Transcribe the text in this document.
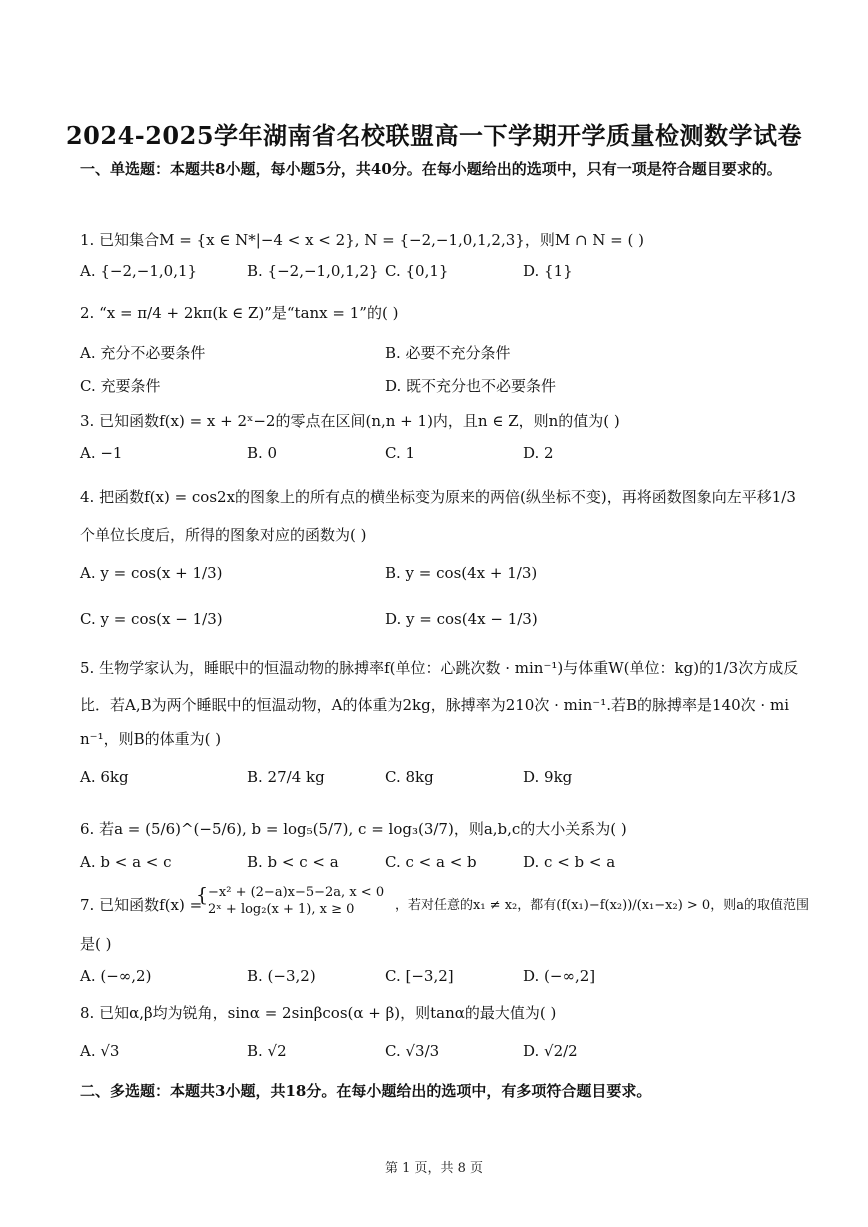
2024-2025学年湖南省名校联盟高一下学期开学质量检测数学试卷
一、单选题：本题共8小题，每小题5分，共40分。在每小题给出的选项中，只有一项是符合题目要求的。
1. 已知集合M = {x ∈ N*|−4 < x < 2}, N = {−2,−1,0,1,2,3}，则M ∩ N = ( )
A. {−2,−1,0,1}	B. {−2,−1,0,1,2} C. {0,1}	D. {1}
2. “x = π/4 + 2kπ(k ∈ Z)”是“tanx = 1”的( )
A. 充分不必要条件	B. 必要不充分条件
C. 充要条件	D. 既不充分也不必要条件
3. 已知函数f(x) = x + 2ˣ−2的零点在区间(n,n + 1)内，且n ∈ Z，则n的值为( )
A. −1	B. 0	C. 1	D. 2
4. 把函数f(x) = cos2x的图象上的所有点的横坐标变为原来的两倍(纵坐标不变)，再将函数图象向左平移1/3
个单位长度后，所得的图象对应的函数为( )
A. y = cos(x + 1/3)	B. y = cos(4x + 1/3)
C. y = cos(x − 1/3)	D. y = cos(4x − 1/3)
5. 生物学家认为，睡眠中的恒温动物的脉搏率f(单位：心跳次数 · min⁻¹)与体重W(单位：kg)的1/3次方成反
比．若A,B为两个睡眠中的恒温动物，A的体重为2kg，脉搏率为210次 · min⁻¹.若B的脉搏率是140次 · mi
n⁻¹，则B的体重为( )
A. 6kg	B. 27/4 kg	C. 8kg	D. 9kg
6. 若a = (5/6)^(−5/6), b = log₅(5/7), c = log₃(3/7)，则a,b,c的大小关系为( )
A. b < a < c	B. b < c < a	C. c < a < b	D. c < b < a
7. 已知函数f(x) =
{ −x² + (2−a)x−5−2a, x < 0
2ˣ + log₂(x + 1), x ≥ 0	，若对任意的x₁ ≠ x₂，都有(f(x₁)−f(x₂))/(x₁−x₂) > 0，则a的取值范围
是( )
A. (−∞,2)	B. (−3,2)	C. [−3,2]	D. (−∞,2]
8. 已知α,β均为锐角，sinα = 2sinβcos(α + β)，则tanα的最大值为( )
A. √3	B. √2	C. √3/3	D. √2/2
二、多选题：本题共3小题，共18分。在每小题给出的选项中，有多项符合题目要求。
第 1 页，共 8 页
